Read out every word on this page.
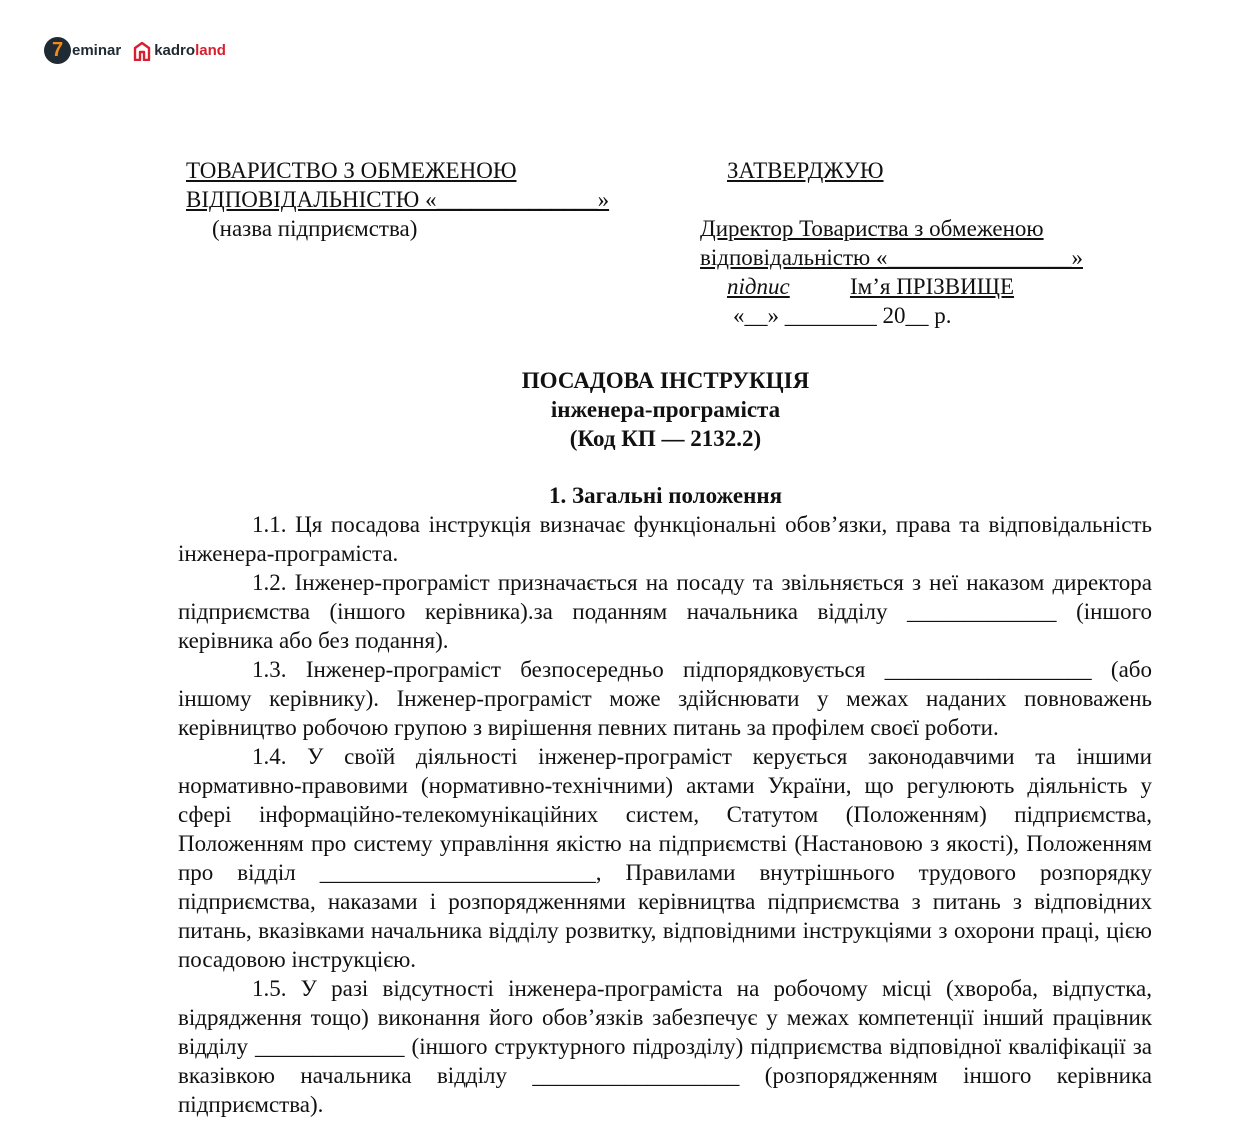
7 eminar kadroland
ТОВАРИСТВО З ОБМЕЖЕНОЮ
ВІДПОВІДАЛЬНІСТЮ «______________»
(назва підприємства)
ЗАТВЕРДЖУЮ
Директор Товариства з обмеженою
відповідальністю «________________»
підпис	Ім’я ПРІЗВИЩЕ
«__» ________ 20__ р.
ПОСАДОВА ІНСТРУКЦІЯ
інженера-програміста
(Код КП — 2132.2)
1. Загальні положення

1.1. Ця посадова інструкція визначає функціональні обов’язки, права та відповідальність інженера-програміста.

1.2. Інженер-програміст призначається на посаду та звільняється з неї наказом директора підприємства (іншого керівника).за поданням начальника відділу _____________ (іншого керівника або без подання).

1.3. Інженер-програміст безпосередньо підпорядковується __________________ (або іншому керівнику). Інженер-програміст може здійснювати у межах наданих повноважень керівництво робочою групою з вирішення певних питань за профілем своєї роботи.

1.4. У своїй діяльності інженер-програміст керується законодавчими та іншими нормативно-правовими (нормативно-технічними) актами України, що регулюють діяльність у сфері інформаційно-телекомунікаційних систем, Статутом (Положенням) підприємства, Положенням про систему управління якістю на підприємстві (Настановою з якості), Положенням про відділ ________________________, Правилами внутрішнього трудового розпорядку підприємства, наказами і розпорядженнями керівництва підприємства з питань з відповідних питань, вказівками начальника відділу розвитку, відповідними інструкціями з охорони праці, цією посадовою інструкцією.

1.5. У разі відсутності інженера-програміста на робочому місці (хвороба, відпустка, відрядження тощо) виконання його обов’язків забезпечує у межах компетенції інший працівник відділу _____________ (іншого структурного підрозділу) підприємства відповідної кваліфікації за вказівкою начальника відділу __________________ (розпорядженням іншого керівника підприємства).
